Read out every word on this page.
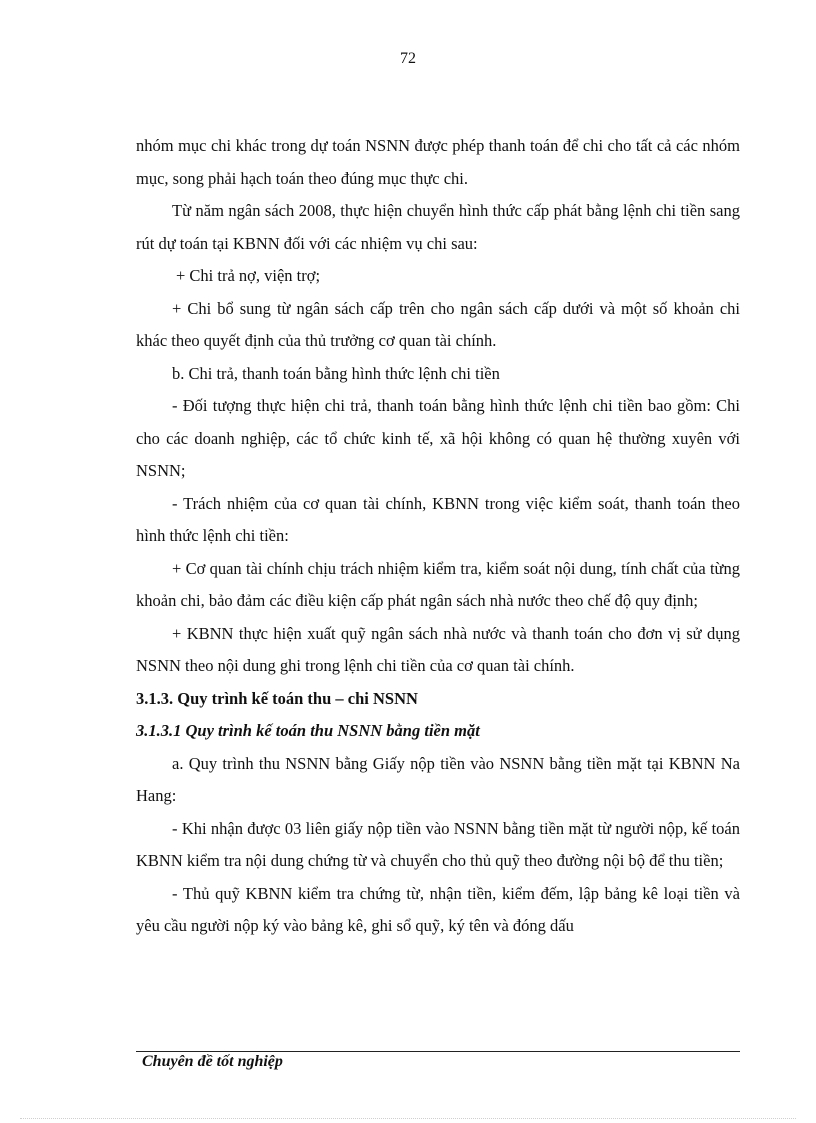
72

nhóm mục chi khác trong dự toán NSNN được phép thanh toán để chi cho tất cả các nhóm mục, song phải hạch toán theo đúng mục thực chi.

Từ năm ngân sách 2008, thực hiện chuyển hình thức cấp phát bằng lệnh chi tiền sang rút dự toán tại KBNN đối với các nhiệm vụ chi sau:

+ Chi trả nợ, viện trợ;

+ Chi bổ sung từ ngân sách cấp trên cho ngân sách cấp dưới và một số khoản chi khác theo quyết định của thủ trưởng cơ quan tài chính.

b. Chi trả, thanh toán bằng hình thức lệnh chi tiền

- Đối tượng thực hiện chi trả, thanh toán bằng hình thức lệnh chi tiền bao gồm: Chi cho các doanh nghiệp, các tổ chức kinh tế, xã hội không có quan hệ thường xuyên với NSNN;

- Trách nhiệm của cơ quan tài chính, KBNN trong việc kiểm soát, thanh toán theo hình thức lệnh chi tiền:

+ Cơ quan tài chính chịu trách nhiệm kiểm tra, kiểm soát nội dung, tính chất của từng khoản chi, bảo đảm các điều kiện cấp phát ngân sách nhà nước theo chế độ quy định;

+ KBNN thực hiện xuất quỹ ngân sách nhà nước và thanh toán cho đơn vị sử dụng NSNN theo nội dung ghi trong lệnh chi tiền của cơ quan tài chính.

3.1.3. Quy trình kế toán thu – chi NSNN

3.1.3.1 Quy trình kế toán thu NSNN bằng tiền mặt

a. Quy trình thu NSNN bằng Giấy nộp tiền vào NSNN bằng tiền mặt tại KBNN Na Hang:

- Khi nhận được 03 liên giấy nộp tiền vào NSNN bằng tiền mặt từ người nộp, kế toán KBNN kiểm tra nội dung chứng từ và chuyển cho thủ quỹ theo đường nội bộ để thu tiền;

- Thủ quỹ KBNN kiểm tra chứng từ, nhận tiền, kiểm đếm, lập bảng kê loại tiền và yêu cầu người nộp ký vào bảng kê, ghi sổ quỹ, ký tên và đóng dấu

Chuyên đề tốt nghiệp
